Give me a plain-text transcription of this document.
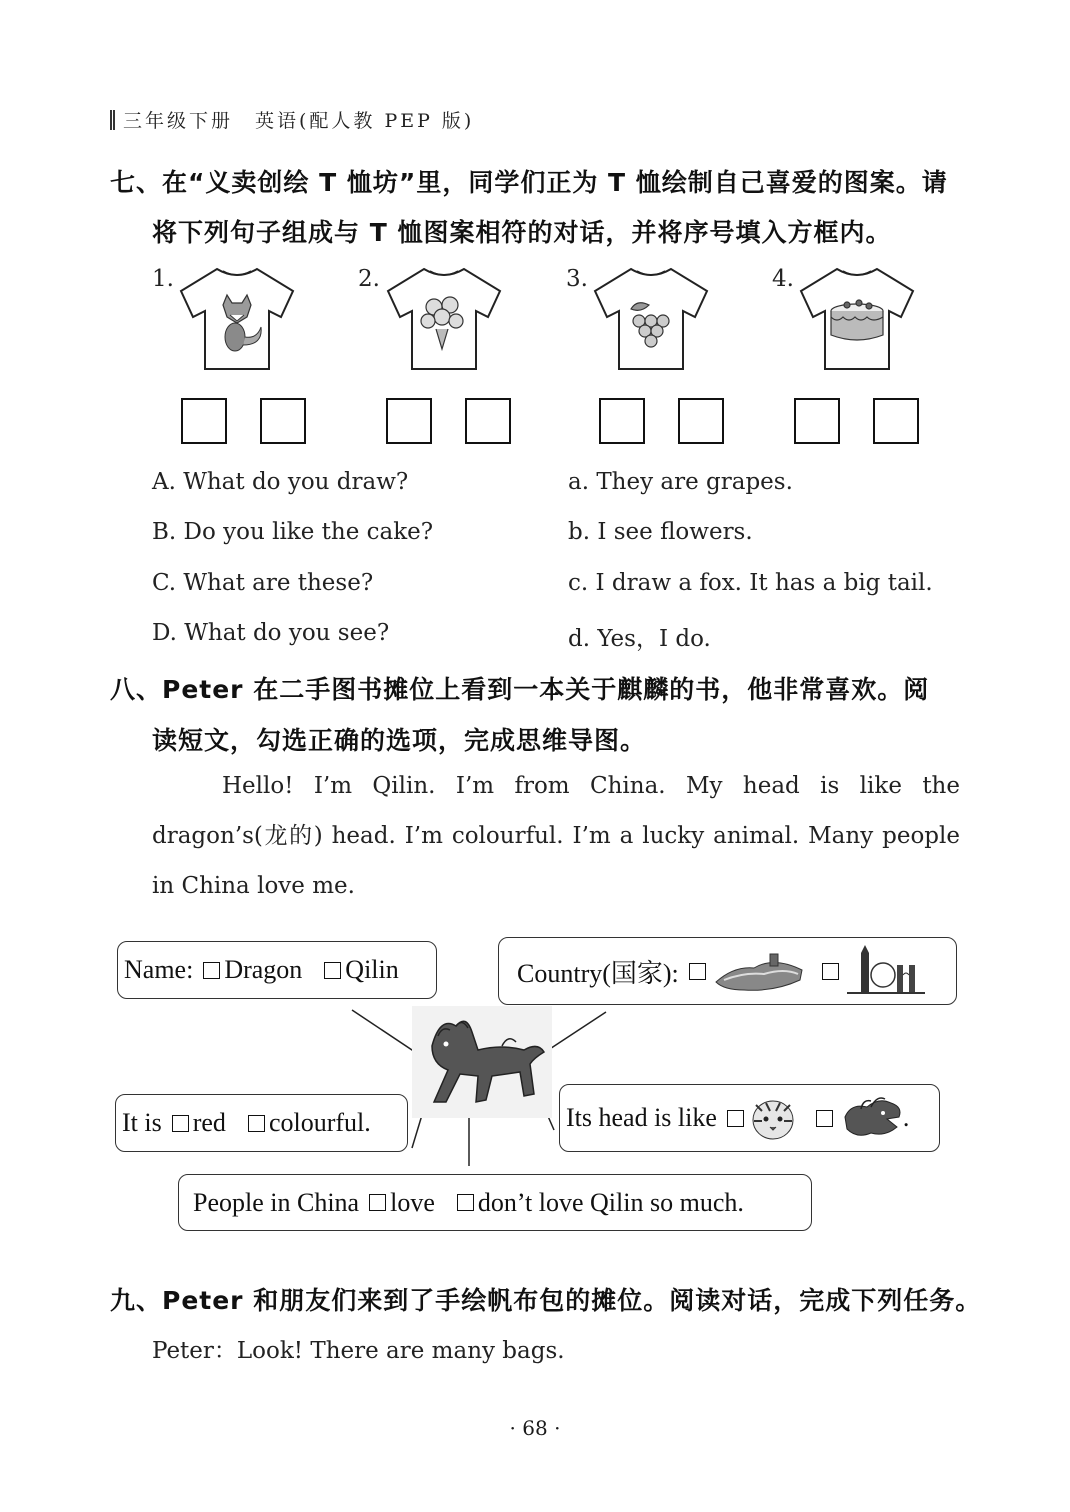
三年级下册　英语(配人教 PEP 版)
七、在“义卖创绘 T 恤坊”里，同学们正为 T 恤绘制自己喜爱的图案。请
将下列句子组成与 T 恤图案相符的对话，并将序号填入方框内。
1.	2.	3.	4.
A. What do you draw?
B. Do you like the cake?
C. What are these?
D. What do you see?
a. They are grapes.
b. I see flowers.
c. I draw a fox. It has a big tail.
d. Yes，I do.
八、Peter 在二手图书摊位上看到一本关于麒麟的书，他非常喜欢。阅
读短文，勾选正确的选项，完成思维导图。
Hello! I’m Qilin. I’m from China. My head is like the dragon’s(龙的) head. I’m colourful. I’m a lucky animal. Many people in China love me.
Name: Dragon Qilin	Country(国家):
It is red colourful.	Its head is like	.
People in China love don’t love Qilin so much.
九、Peter 和朋友们来到了手绘帆布包的摊位。阅读对话，完成下列任务。
Peter：Look! There are many bags.
· 68 ·
